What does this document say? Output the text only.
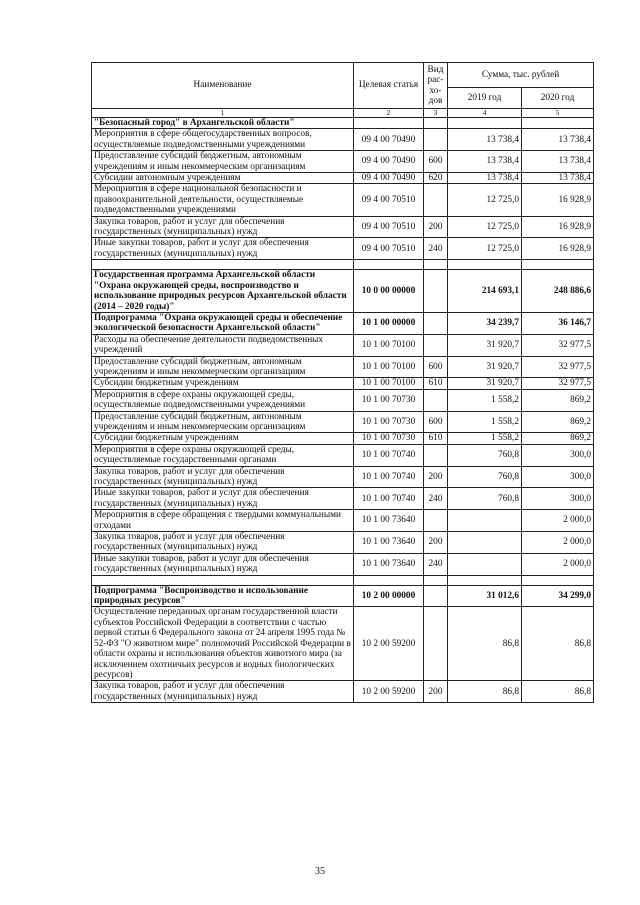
Наименование	Целевая статья	Вид рас-хо-дов	Сумма, тыс. рублей	
			2019 год	2020 год
1	2	3	4	5
"Безопасный город" в Архангельской области"				
Мероприятия в сфере общегосударственных вопросов, осуществляемые подведомственными учреждениями	09 4 00 70490		13 738,4	13 738,4
Предоставление субсидий бюджетным, автономным учреждениям и иным некоммерческим организациям	09 4 00 70490	600	13 738,4	13 738,4
Субсидии автономным учреждениям	09 4 00 70490	620	13 738,4	13 738,4
Мероприятия в сфере национальной безопасности и правоохранительной деятельности, осуществляемые подведомственными учреждениями	09 4 00 70510		12 725,0	16 928,9
Закупка товаров, работ и услуг для обеспечения государственных (муниципальных) нужд	09 4 00 70510	200	12 725,0	16 928,9
Иные закупки товаров, работ и услуг для обеспечения государственных (муниципальных) нужд	09 4 00 70510	240	12 725,0	16 928,9

Государственная программа Архангельской области "Охрана окружающей среды, воспроизводство и использование природных ресурсов Архангельской области (2014 – 2020 годы)"	10 0 00 00000		214 693,1	248 886,6
Подпрограмма "Охрана окружающей среды и обеспечение экологической безопасности Архангельской области"	10 1 00 00000		34 239,7	36 146,7
Расходы на обеспечение деятельности подведомственных учреждений	10 1 00 70100		31 920,7	32 977,5
Предоставление субсидий бюджетным, автономным учреждениям и иным некоммерческим организациям	10 1 00 70100	600	31 920,7	32 977,5
Субсидии бюджетным учреждениям	10 1 00 70100	610	31 920,7	32 977,5
Мероприятия в сфере охраны окружающей среды, осуществляемые подведомственными учреждениями	10 1 00 70730		1 558,2	869,2
Предоставление субсидий бюджетным, автономным учреждениям и иным некоммерческим организациям	10 1 00 70730	600	1 558,2	869,2
Субсидии бюджетным учреждениям	10 1 00 70730	610	1 558,2	869,2
Мероприятия в сфере охраны окружающей среды, осуществляемые государственными органами	10 1 00 70740		760,8	300,0
Закупка товаров, работ и услуг для обеспечения государственных (муниципальных) нужд	10 1 00 70740	200	760,8	300,0
Иные закупки товаров, работ и услуг для обеспечения государственных (муниципальных) нужд	10 1 00 70740	240	760,8	300,0
Мероприятия в сфере обращения с твердыми коммунальными отходами	10 1 00 73640			2 000,0
Закупка товаров, работ и услуг для обеспечения государственных (муниципальных) нужд	10 1 00 73640	200		2 000,0
Иные закупки товаров, работ и услуг для обеспечения государственных (муниципальных) нужд	10 1 00 73640	240		2 000,0

Подпрограмма "Воспроизводство и использование природных ресурсов"	10 2 00 00000		31 012,6	34 299,0
Осуществление переданных органам государственной власти субъектов Российской Федерации в соответствии с частью первой статьи 6 Федерального закона от 24 апреля 1995 года № 52-ФЗ "О животном мире" полномочий Российской Федерации в области охраны и использования объектов животного мира (за исключением охотничьих ресурсов и водных биологических ресурсов)	10 2 00 59200		86,8	86,8
Закупка товаров, работ и услуг для обеспечения государственных (муниципальных) нужд	10 2 00 59200	200	86,8	86,8
35
